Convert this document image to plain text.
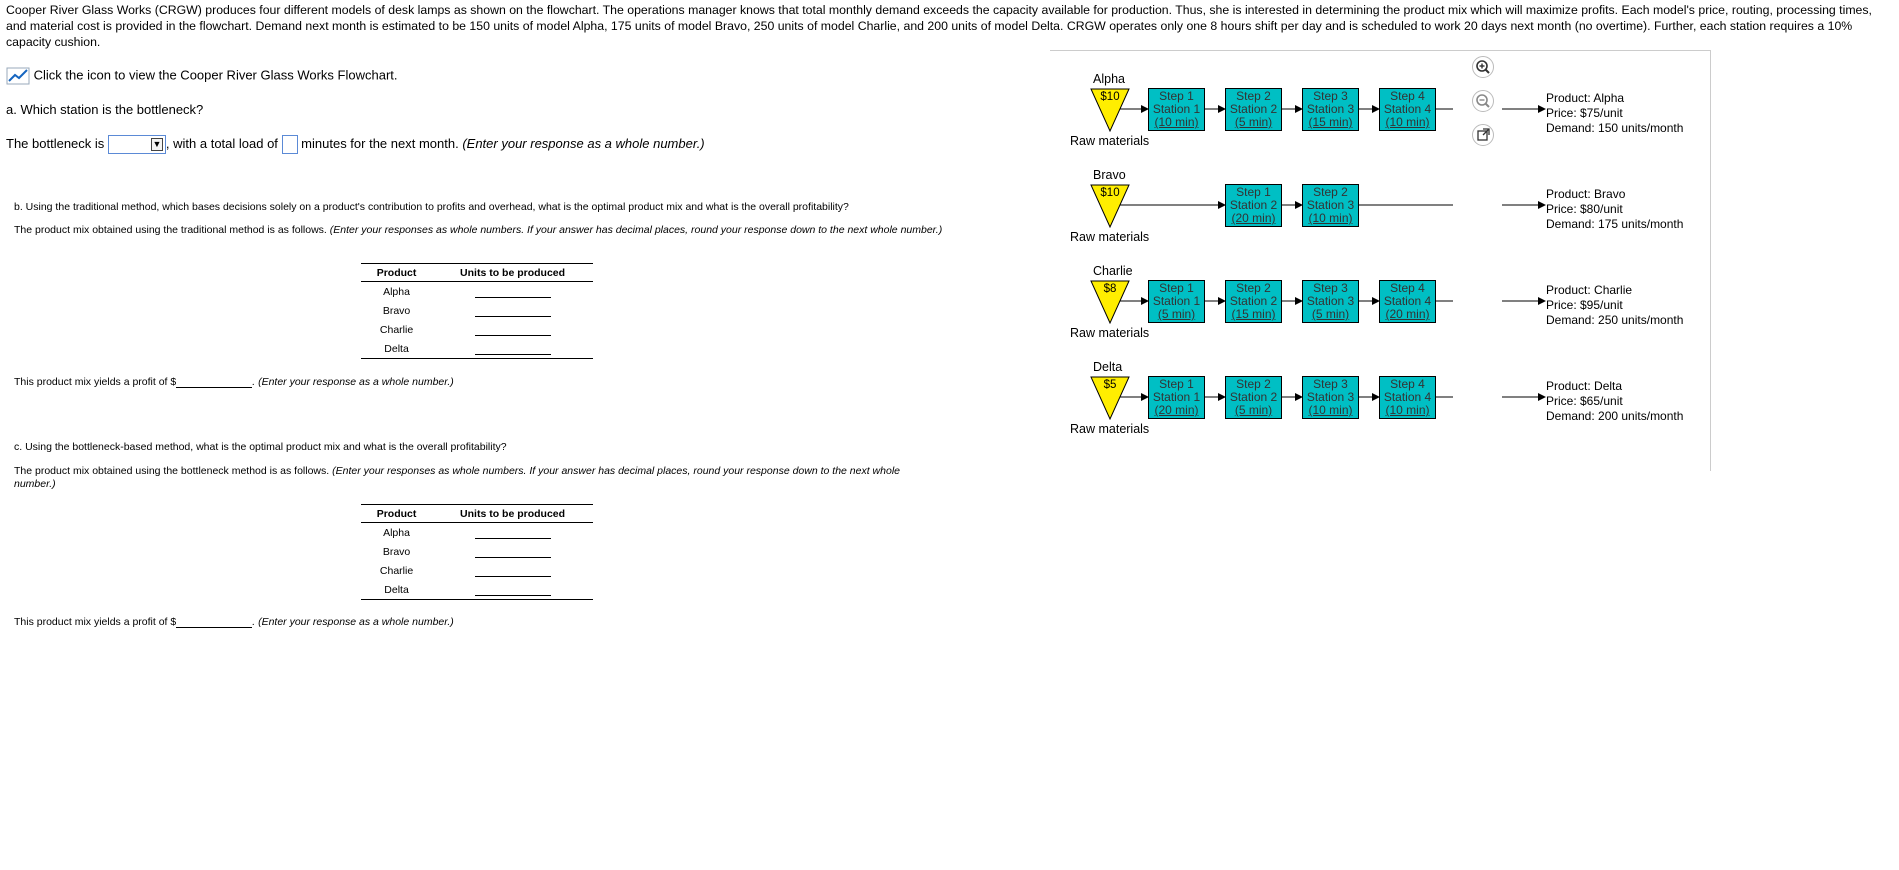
Cooper River Glass Works (CRGW) produces four different models of desk lamps as shown on the flowchart. The operations manager knows that total monthly demand exceeds the capacity available for production. Thus, she is interested in determining the product mix which will maximize profits. Each model's price, routing, processing times, and material cost is provided in the flowchart. Demand next month is estimated to be 150 units of model Alpha, 175 units of model Bravo, 250 units of model Charlie, and 200 units of model Delta. CRGW operates only one 8 hours shift per day and is scheduled to work 20 days next month (no overtime). Further, each station requires a 10% capacity cushion.
Click the icon to view the Cooper River Glass Works Flowchart.
a. Which station is the bottleneck?
The bottleneck is	▼ , with a total load of minutes for the next month. (Enter your response as a whole number.)
b. Using the traditional method, which bases decisions solely on a product's contribution to profits and overhead, what is the optimal product mix and what is the overall profitability?
The product mix obtained using the traditional method is as follows. (Enter your responses as whole numbers. If your answer has decimal places, round your response down to the next whole number.)
Product	Units to be produced
Alpha	
Bravo	
Charlie	
Delta	
This product mix yields a profit of $	. (Enter your response as a whole number.)
c. Using the bottleneck-based method, what is the optimal product mix and what is the overall profitability?
The product mix obtained using the bottleneck method is as follows. (Enter your responses as whole numbers. If your answer has decimal places, round your response down to the next whole number.)
Product	Units to be produced
Alpha	
Bravo	
Charlie	
Delta	
This product mix yields a profit of $	. (Enter your response as a whole number.)
Alpha
$10
Raw materials
Step 1
Station 1
(10 min)
Step 2
Station 2
(5 min)
Step 3
Station 3
(15 min)
Step 4
Station 4
(10 min)
Product: Alpha
Price: $75/unit
Demand: 150 units/month
Bravo
$10
Raw materials
Step 1
Station 2
(20 min)
Step 2
Station 3
(10 min)
Product: Bravo
Price: $80/unit
Demand: 175 units/month
Charlie
$8
Raw materials
Step 1
Station 1
(5 min)
Step 2
Station 2
(15 min)
Step 3
Station 3
(5 min)
Step 4
Station 4
(20 min)
Product: Charlie
Price: $95/unit
Demand: 250 units/month
Delta
$5
Raw materials
Step 1
Station 1
(20 min)
Step 2
Station 2
(5 min)
Step 3
Station 3
(10 min)
Step 4
Station 4
(10 min)
Product: Delta
Price: $65/unit
Demand: 200 units/month
